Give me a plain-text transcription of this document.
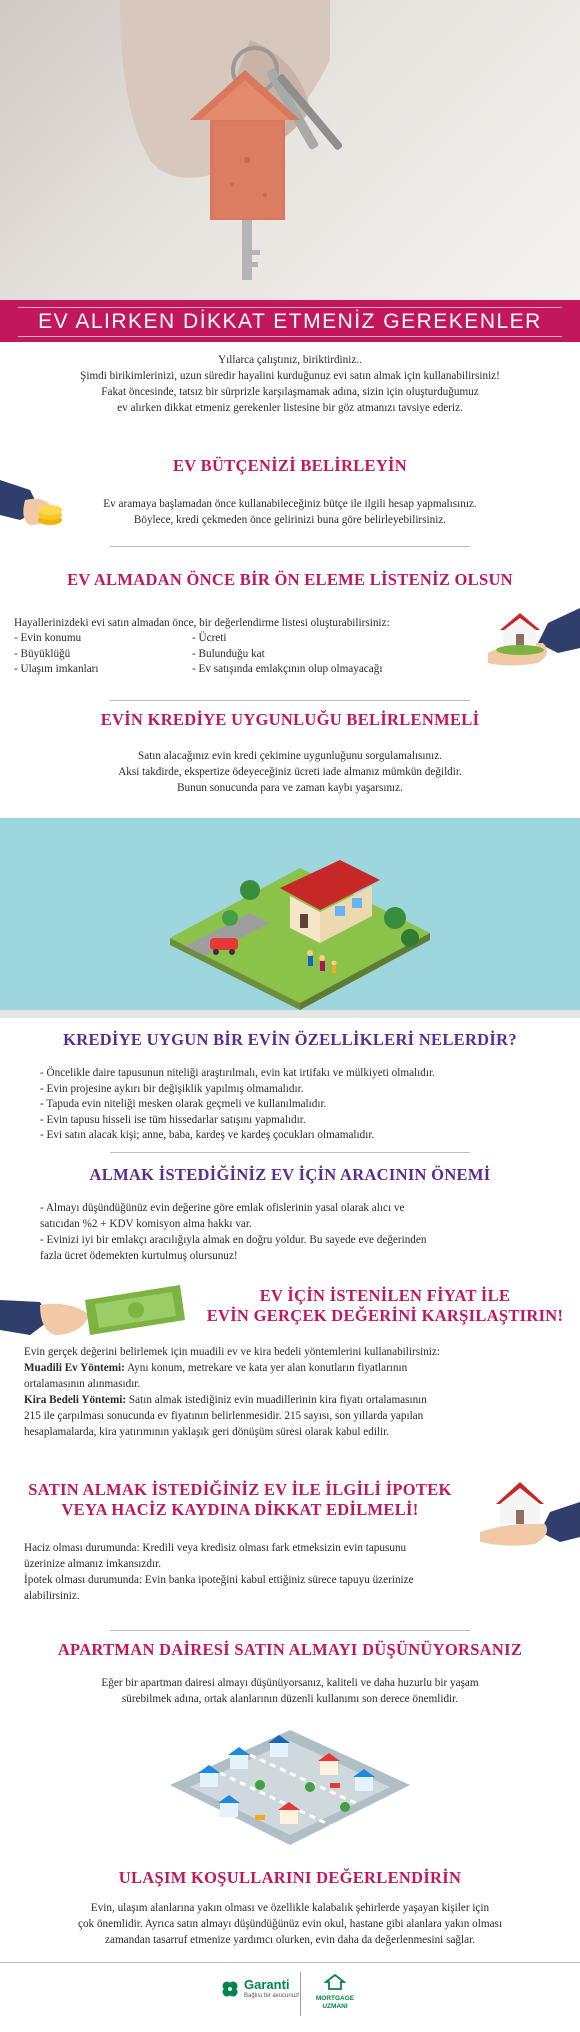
EV ALIRKEN DİKKAT ETMENİZ GEREKENLER
Yıllarca çalıştınız, biriktirdiniz..
Şimdi birikimlerinizi, uzun süredir hayalini kurduğunuz evi satın almak için kullanabilirsiniz!
Fakat öncesinde, tatsız bir sürprizle karşılaşmamak adına, sizin için oluşturduğumuz
ev alırken dikkat etmeniz gerekenler listesine bir göz atmanızı tavsiye ederiz.
EV BÜTÇENİZİ BELİRLEYİN
Ev aramaya başlamadan önce kullanabileceğiniz bütçe ile ilgili hesap yapmalısınız.
Böylece, kredi çekmeden önce gelirinizi buna göre belirleyebilirsiniz.
EV ALMADAN ÖNCE BİR ÖN ELEME LİSTENİZ OLSUN
Hayallerinizdeki evi satın almadan önce, bir değerlendirme listesi oluşturabilirsiniz:
- Evin konumu
- Büyüklüğü
- Ulaşım imkanları
- Ücreti
- Bulunduğu kat
- Ev satışında emlakçının olup olmayacağı
EVİN KREDİYE UYGUNLUĞU BELİRLENMELİ
Satın alacağınız evin kredi çekimine uygunluğunu sorgulamalısınız.
Aksi takdirde, ekspertize ödeyeceğiniz ücreti iade almanız mümkün değildir.
Bunun sonucunda para ve zaman kaybı yaşarsınız.
KREDİYE UYGUN BİR EVİN ÖZELLİKLERİ NELERDİR?
- Öncelikle daire tapusunun niteliği araştırılmalı, evin kat irtifakı ve mülkiyeti olmalıdır.
- Evin projesine aykırı bir değişiklik yapılmış olmamalıdır.
- Tapuda evin niteliği mesken olarak geçmeli ve kullanılmalıdır.
- Evin tapusu hisseli ise tüm hissedarlar satışını yapmalıdır.
- Evi satın alacak kişi; anne, baba, kardeş ve kardeş çocukları olmamalıdır.
ALMAK İSTEDİĞİNİZ EV İÇİN ARACININ ÖNEMİ
- Almayı düşündüğünüz evin değerine göre emlak ofislerinin yasal olarak alıcı ve
satıcıdan %2 + KDV komisyon alma hakkı var.
- Evinizi iyi bir emlakçı aracılığıyla almak en doğru yoldur. Bu sayede eve değerinden
fazla ücret ödemekten kurtulmuş olursunuz!
EV İÇİN İSTENİLEN FİYAT İLE
EVİN GERÇEK DEĞERİNİ KARŞILAŞTIRIN!
Evin gerçek değerini belirlemek için muadili ev ve kira bedeli yöntemlerini kullanabilirsiniz:
Muadili Ev Yöntemi: Aynı konum, metrekare ve kata yer alan konutların fiyatlarının
ortalamasının alınmasıdır.
Kira Bedeli Yöntemi: Satın almak istediğiniz evin muadillerinin kira fiyatı ortalamasının
215 ile çarpılması sonucunda ev fiyatının belirlenmesidir. 215 sayısı, son yıllarda yapılan
hesaplamalarda, kira yatırımının yaklaşık geri dönüşüm süresi olarak kabul edilir.
SATIN ALMAK İSTEDİĞİNİZ EV İLE İLGİLİ İPOTEK
VEYA HACİZ KAYDINA DİKKAT EDİLMELİ!
Haciz olması durumunda: Kredili veya kredisiz olması fark etmeksizin evin tapusunu
üzerinize almanız imkansızdır.
İpotek olması durumunda: Evin banka ipoteğini kabul ettiğiniz sürece tapuyu üzerinize
alabilirsiniz.
APARTMAN DAİRESİ SATIN ALMAYI DÜŞÜNÜYORSANIZ
Eğer bir apartman dairesi almayı düşünüyorsanız, kaliteli ve daha huzurlu bir yaşam
sürebilmek adına, ortak alanlarının düzenli kullanımı son derece önemlidir.
ULAŞIM KOŞULLARINI DEĞERLENDİRİN
Evin, ulaşım alanlarına yakın olması ve özellikle kalabalık şehirlerde yaşayan kişiler için
çok önemlidir. Ayrıca satın almayı düşündüğünüz evin okul, hastane gibi alanlara yakın olması
zamandan tasarruf etmenize yardımcı olurken, evin daha da değerlenmesini sağlar.
Garanti
Bağlısı bir avucunuz!	MORTGAGE
UZMANI
